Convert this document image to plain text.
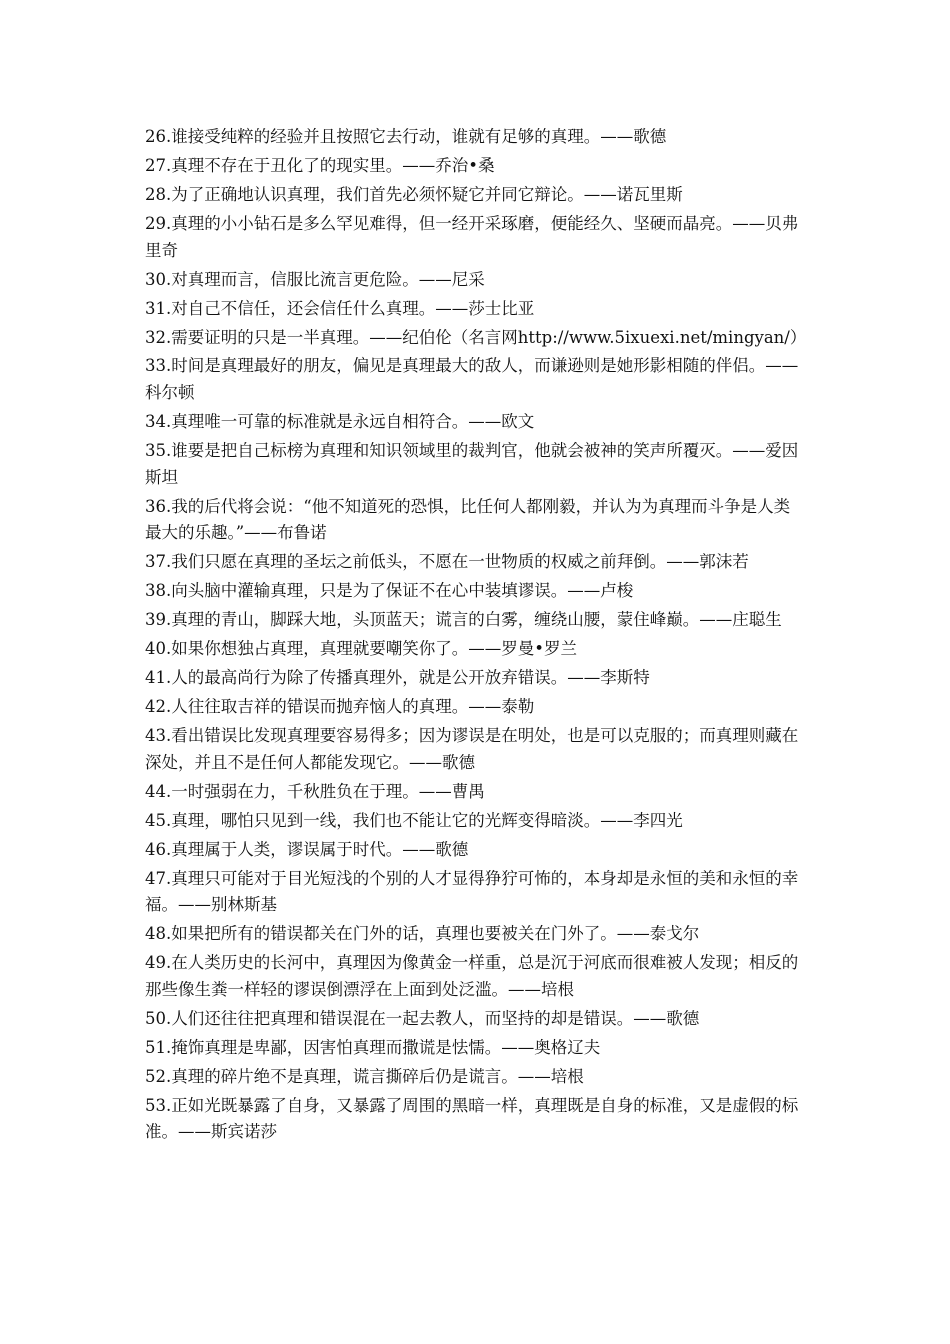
26.谁接受纯粹的经验并且按照它去行动，谁就有足够的真理。——歌德

27.真理不存在于丑化了的现实里。——乔治•桑

28.为了正确地认识真理，我们首先必须怀疑它并同它辩论。——诺瓦里斯

29.真理的小小钻石是多么罕见难得，但一经开采琢磨，便能经久、坚硬而晶亮。——贝弗里奇

30.对真理而言，信服比流言更危险。——尼采

31.对自己不信任，还会信任什么真理。——莎士比亚

32.需要证明的只是一半真理。——纪伯伦（名言网http://www.5ixuexi.net/mingyan/）

33.时间是真理最好的朋友，偏见是真理最大的敌人，而谦逊则是她形影相随的伴侣。——科尔顿

34.真理唯一可靠的标准就是永远自相符合。——欧文

35.谁要是把自己标榜为真理和知识领域里的裁判官，他就会被神的笑声所覆灭。——爱因斯坦

36.我的后代将会说：“他不知道死的恐惧，比任何人都刚毅，并认为为真理而斗争是人类最大的乐趣。”——布鲁诺

37.我们只愿在真理的圣坛之前低头，不愿在一世物质的权威之前拜倒。——郭沫若

38.向头脑中灌输真理，只是为了保证不在心中装填谬误。——卢梭

39.真理的青山，脚踩大地，头顶蓝天；谎言的白雾，缠绕山腰，蒙住峰巅。——庄聪生

40.如果你想独占真理，真理就要嘲笑你了。——罗曼•罗兰

41.人的最高尚行为除了传播真理外，就是公开放弃错误。——李斯特

42.人往往取吉祥的错误而抛弃恼人的真理。——泰勒

43.看出错误比发现真理要容易得多；因为谬误是在明处，也是可以克服的；而真理则藏在深处，并且不是任何人都能发现它。——歌德

44.一时强弱在力，千秋胜负在于理。——曹禺

45.真理，哪怕只见到一线，我们也不能让它的光辉变得暗淡。——李四光

46.真理属于人类，谬误属于时代。——歌德

47.真理只可能对于目光短浅的个别的人才显得狰狞可怖的，本身却是永恒的美和永恒的幸福。——别林斯基

48.如果把所有的错误都关在门外的话，真理也要被关在门外了。——泰戈尔

49.在人类历史的长河中，真理因为像黄金一样重，总是沉于河底而很难被人发现；相反的那些像生粪一样轻的谬误倒漂浮在上面到处泛滥。——培根

50.人们还往往把真理和错误混在一起去教人，而坚持的却是错误。——歌德

51.掩饰真理是卑鄙，因害怕真理而撒谎是怯懦。——奥格辽夫

52.真理的碎片绝不是真理，谎言撕碎后仍是谎言。——培根

53.正如光既暴露了自身，又暴露了周围的黑暗一样，真理既是自身的标准，又是虚假的标准。——斯宾诺莎
